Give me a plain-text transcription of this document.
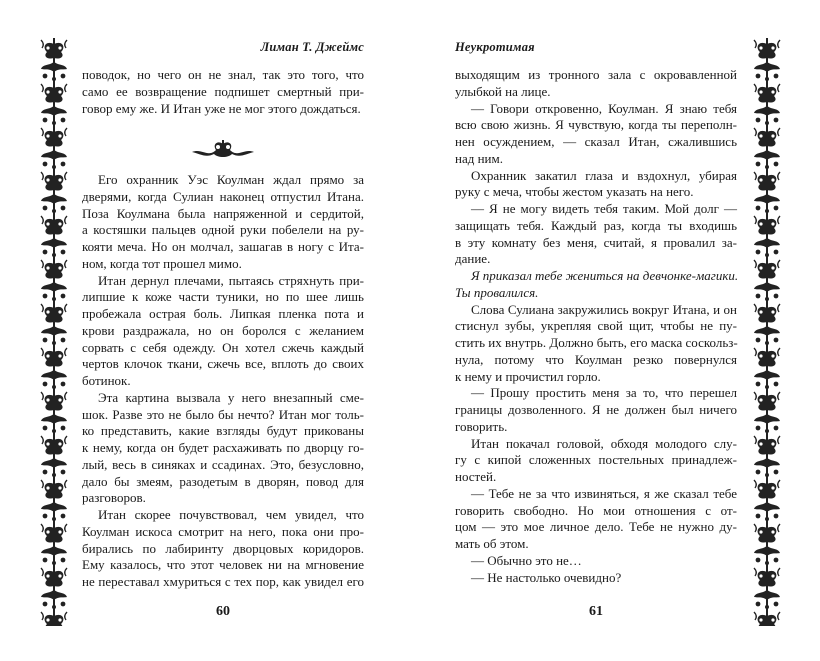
Лиман Т. Джеймс
поводок, но чего он не знал, так это того, что
само ее возвращение подпишет смертный при-
говор ему же. И Итан уже не мог этого дождаться.
Его охранник Уэс Коулман ждал прямо за
дверями, когда Сулиан наконец отпустил Итана.
Поза Коулмана была напряженной и сердитой,
а костяшки пальцев одной руки побелели на ру-
кояти меча. Но он молчал, зашагав в ногу с Ита-
ном, когда тот прошел мимо.
Итан дернул плечами, пытаясь стряхнуть при-
липшие к коже части туники, но по шее лишь
пробежала острая боль. Липкая пленка пота и
крови раздражала, но он боролся с желанием
сорвать с себя одежду. Он хотел сжечь каждый
чертов клочок ткани, сжечь все, вплоть до своих
ботинок.
Эта картина вызвала у него внезапный сме-
шок. Разве это не было бы нечто? Итан мог толь-
ко представить, какие взгляды будут прикованы
к нему, когда он будет расхаживать по дворцу го-
лый, весь в синяках и ссадинах. Это, безусловно,
дало бы змеям, разодетым в дворян, повод для
разговоров.
Итан скорее почувствовал, чем увидел, что
Коулман искоса смотрит на него, пока они про-
бирались по лабиринту дворцовых коридоров.
Ему казалось, что этот человек ни на мгновение
не переставал хмуриться с тех пор, как увидел его
60
Неукротимая
выходящим из тронного зала с окровавленной
улыбкой на лице.
— Говори откровенно, Коулман. Я знаю тебя
всю свою жизнь. Я чувствую, когда ты переполн-
нен осуждением, — сказал Итан, сжалившись
над ним.
Охранник закатил глаза и вздохнул, убирая
руку с меча, чтобы жестом указать на него.
— Я не могу видеть тебя таким. Мой долг —
защищать тебя. Каждый раз, когда ты входишь
в эту комнату без меня, считай, я провалил за-
дание.
Я приказал тебе жениться на девчонке-магики.
Ты провалился.
Слова Сулиана закружились вокруг Итана, и он
стиснул зубы, укрепляя свой щит, чтобы не пу-
стить их внутрь. Должно быть, его маска соскольз-
нула, потому что Коулман резко повернулся
к нему и прочистил горло.
— Прошу простить меня за то, что перешел
границы дозволенного. Я не должен был ничего
говорить.
Итан покачал головой, обходя молодого слу-
гу с кипой сложенных постельных принадлеж-
ностей.
— Тебе не за что извиняться, я же сказал тебе
говорить свободно. Но мои отношения с от-
цом — это мое личное дело. Тебе не нужно ду-
мать об этом.
— Обычно это не…
— Не настолько очевидно?
61
